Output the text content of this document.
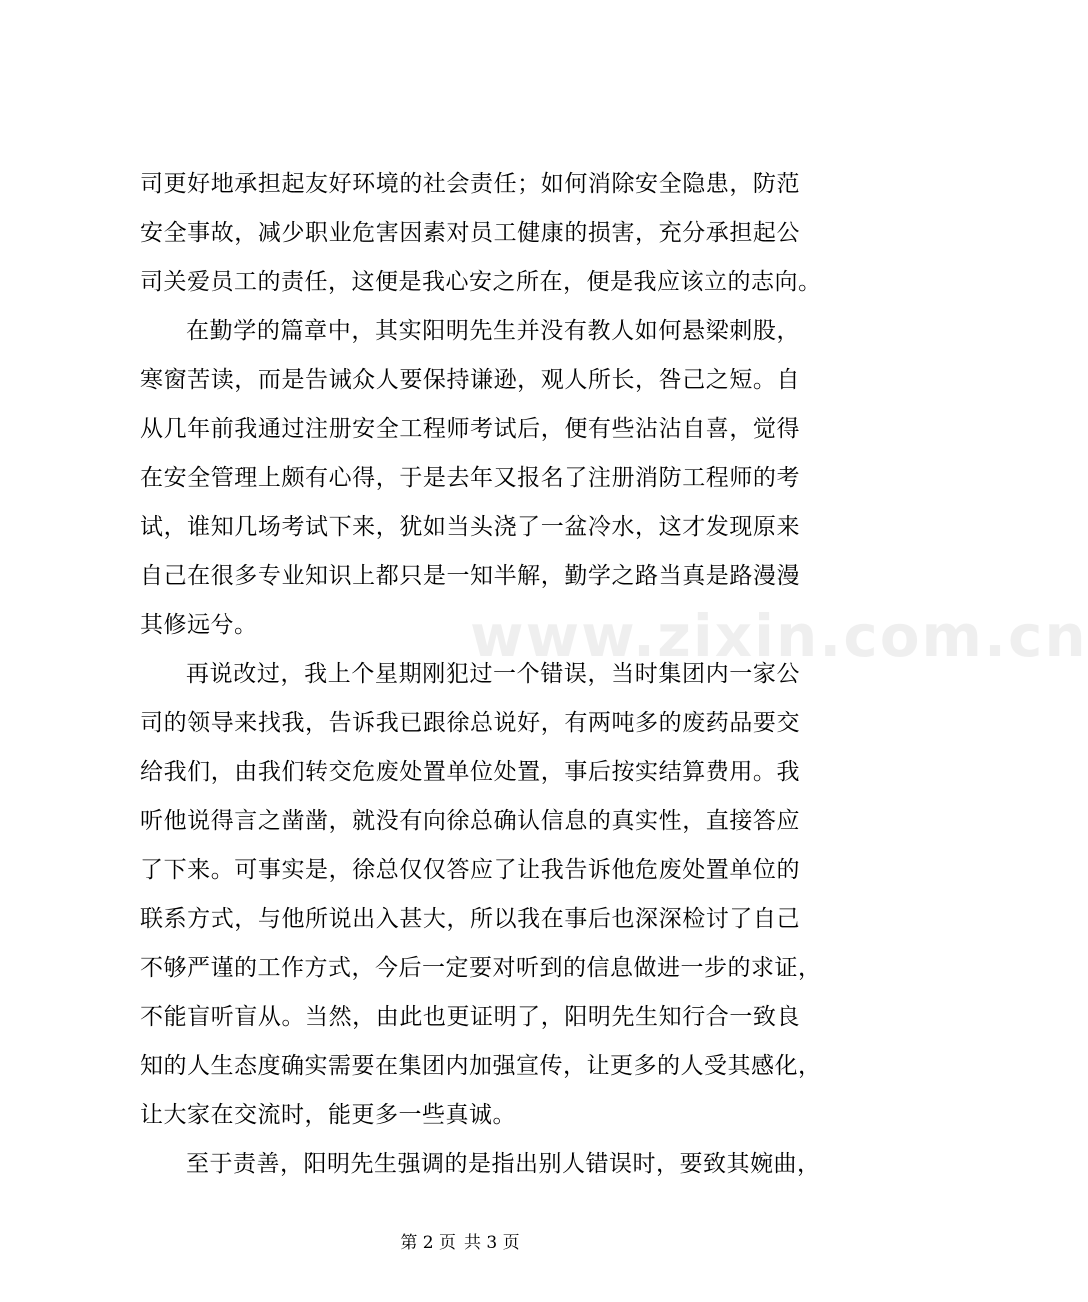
司更好地承担起友好环境的社会责任；如何消除安全隐患，防范
安全事故，减少职业危害因素对员工健康的损害，充分承担起公
司关爱员工的责任，这便是我心安之所在，便是我应该立的志向。
在勤学的篇章中，其实阳明先生并没有教人如何悬梁刺股，
寒窗苦读，而是告诫众人要保持谦逊，观人所长，咎己之短。自
从几年前我通过注册安全工程师考试后，便有些沾沾自喜，觉得
在安全管理上颇有心得，于是去年又报名了注册消防工程师的考
试，谁知几场考试下来，犹如当头浇了一盆冷水，这才发现原来
自己在很多专业知识上都只是一知半解，勤学之路当真是路漫漫
其修远兮。
再说改过，我上个星期刚犯过一个错误，当时集团内一家公
司的领导来找我，告诉我已跟徐总说好，有两吨多的废药品要交
给我们，由我们转交危废处置单位处置，事后按实结算费用。我
听他说得言之凿凿，就没有向徐总确认信息的真实性，直接答应
了下来。可事实是，徐总仅仅答应了让我告诉他危废处置单位的
联系方式，与他所说出入甚大，所以我在事后也深深检讨了自己
不够严谨的工作方式，今后一定要对听到的信息做进一步的求证，
不能盲听盲从。当然，由此也更证明了，阳明先生知行合一致良
知的人生态度确实需要在集团内加强宣传，让更多的人受其感化，
让大家在交流时，能更多一些真诚。
至于责善，阳明先生强调的是指出别人错误时，要致其婉曲，
www.zixin.com.cn
第 2 页 共 3 页
